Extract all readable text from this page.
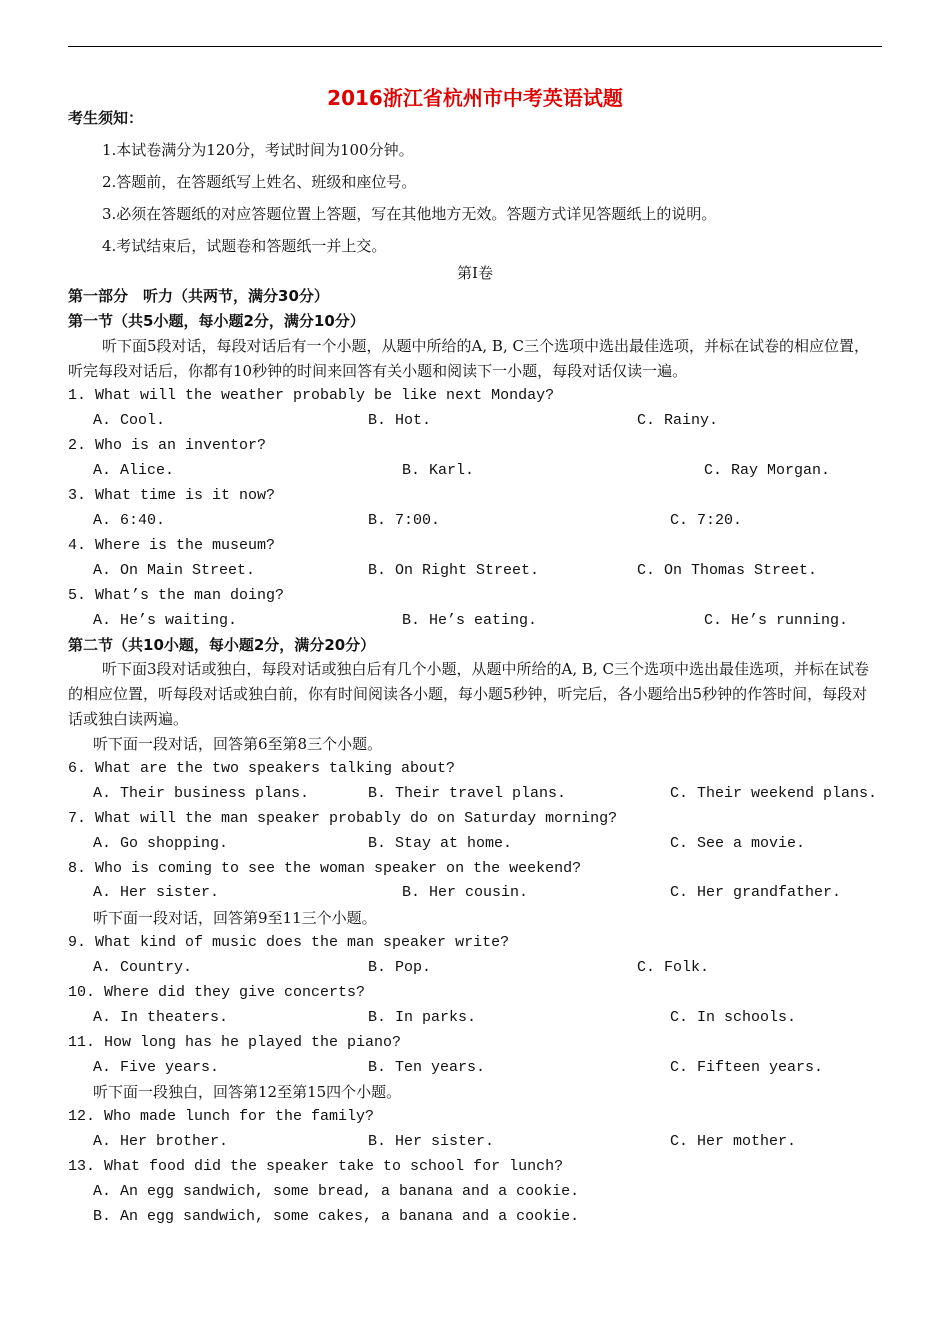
2016浙江省杭州市中考英语试题
考生须知：
1.本试卷满分为120分，考试时间为100分钟。
2.答题前，在答题纸写上姓名、班级和座位号。
3.必须在答题纸的对应答题位置上答题，写在其他地方无效。答题方式详见答题纸上的说明。
4.考试结束后，试题卷和答题纸一并上交。
第Ⅰ卷
第一部分　听力（共两节，满分30分）
第一节（共5小题，每小题2分，满分10分）
听下面5段对话，每段对话后有一个小题，从题中所给的A, B, C三个选项中选出最佳选项，并标在试卷的相应位置，听完每段对话后，你都有10秒钟的时间来回答有关小题和阅读下一小题，每段对话仅读一遍。
1. What will the weather probably be like next Monday?
A. Cool.	B. Hot.	C. Rainy.
2. Who is an inventor?
A. Alice.	B. Karl.	C. Ray Morgan.
3. What time is it now?
A. 6:40.	B. 7:00.	C. 7:20.
4. Where is the museum?
A. On Main Street.	B. On Right Street.	C. On Thomas Street.
5. What’s the man doing?
A. He’s waiting.	B. He’s eating.	C. He’s running.
第二节（共10小题，每小题2分，满分20分）
听下面3段对话或独白，每段对话或独白后有几个小题，从题中所给的A, B, C三个选项中选出最佳选项，并标在试卷的相应位置，听每段对话或独白前，你有时间阅读各小题，每小题5秒钟，听完后，各小题给出5秒钟的作答时间，每段对话或独白读两遍。
听下面一段对话，回答第6至第8三个小题。
6. What are the two speakers talking about?
A. Their business plans.	B. Their travel plans.	C. Their weekend plans.
7. What will the man speaker probably do on Saturday morning?
A. Go shopping.	B. Stay at home.	C. See a movie.
8. Who is coming to see the woman speaker on the weekend?
A. Her sister.	B. Her cousin.	C. Her grandfather.
听下面一段对话，回答第9至11三个小题。
9. What kind of music does the man speaker write?
A. Country.	B. Pop.	C. Folk.
10. Where did they give concerts?
A. In theaters.	B. In parks.	C. In schools.
11. How long has he played the piano?
A. Five years.	B. Ten years.	C. Fifteen years.
听下面一段独白，回答第12至第15四个小题。
12. Who made lunch for the family?
A. Her brother.	B. Her sister.	C. Her mother.
13. What food did the speaker take to school for lunch?
A. An egg sandwich, some bread, a banana and a cookie.
B. An egg sandwich, some cakes, a banana and a cookie.
